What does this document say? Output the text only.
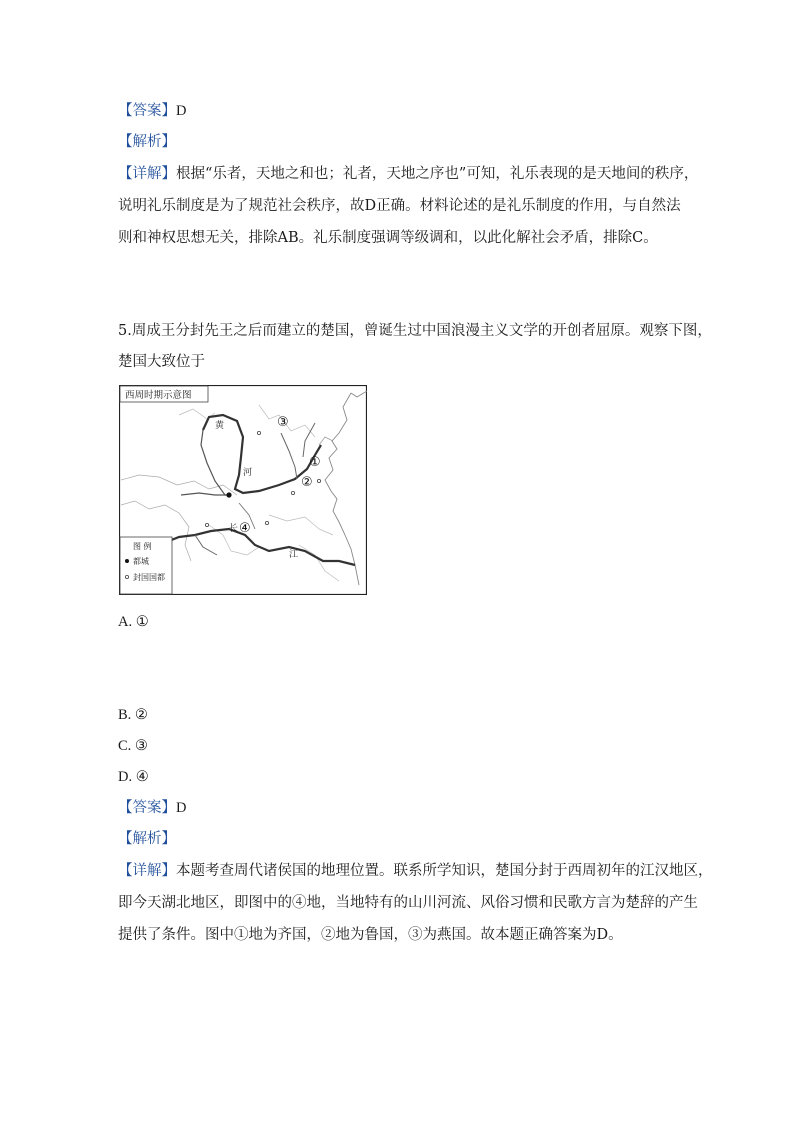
【答案】D
【解析】
【详解】根据“乐者，天地之和也；礼者，天地之序也”可知，礼乐表现的是天地间的秩序，
说明礼乐制度是为了规范社会秩序，故D正确。材料论述的是礼乐制度的作用，与自然法
则和神权思想无关，排除AB。礼乐制度强调等级调和，以此化解社会矛盾，排除C。
5.周成王分封先王之后而建立的楚国，曾诞生过中国浪漫主义文学的开创者屈原。观察下图，
楚国大致位于
西周时期示意图
黄
河
长
江
③
①
②
④
图 例
都城
封国国都
A. ①
B. ②
C. ③
D. ④
【答案】D
【解析】
【详解】本题考查周代诸侯国的地理位置。联系所学知识，楚国分封于西周初年的江汉地区，
即今天湖北地区，即图中的④地，当地特有的山川河流、风俗习惯和民歌方言为楚辞的产生
提供了条件。图中①地为齐国，②地为鲁国，③为燕国。故本题正确答案为D。
